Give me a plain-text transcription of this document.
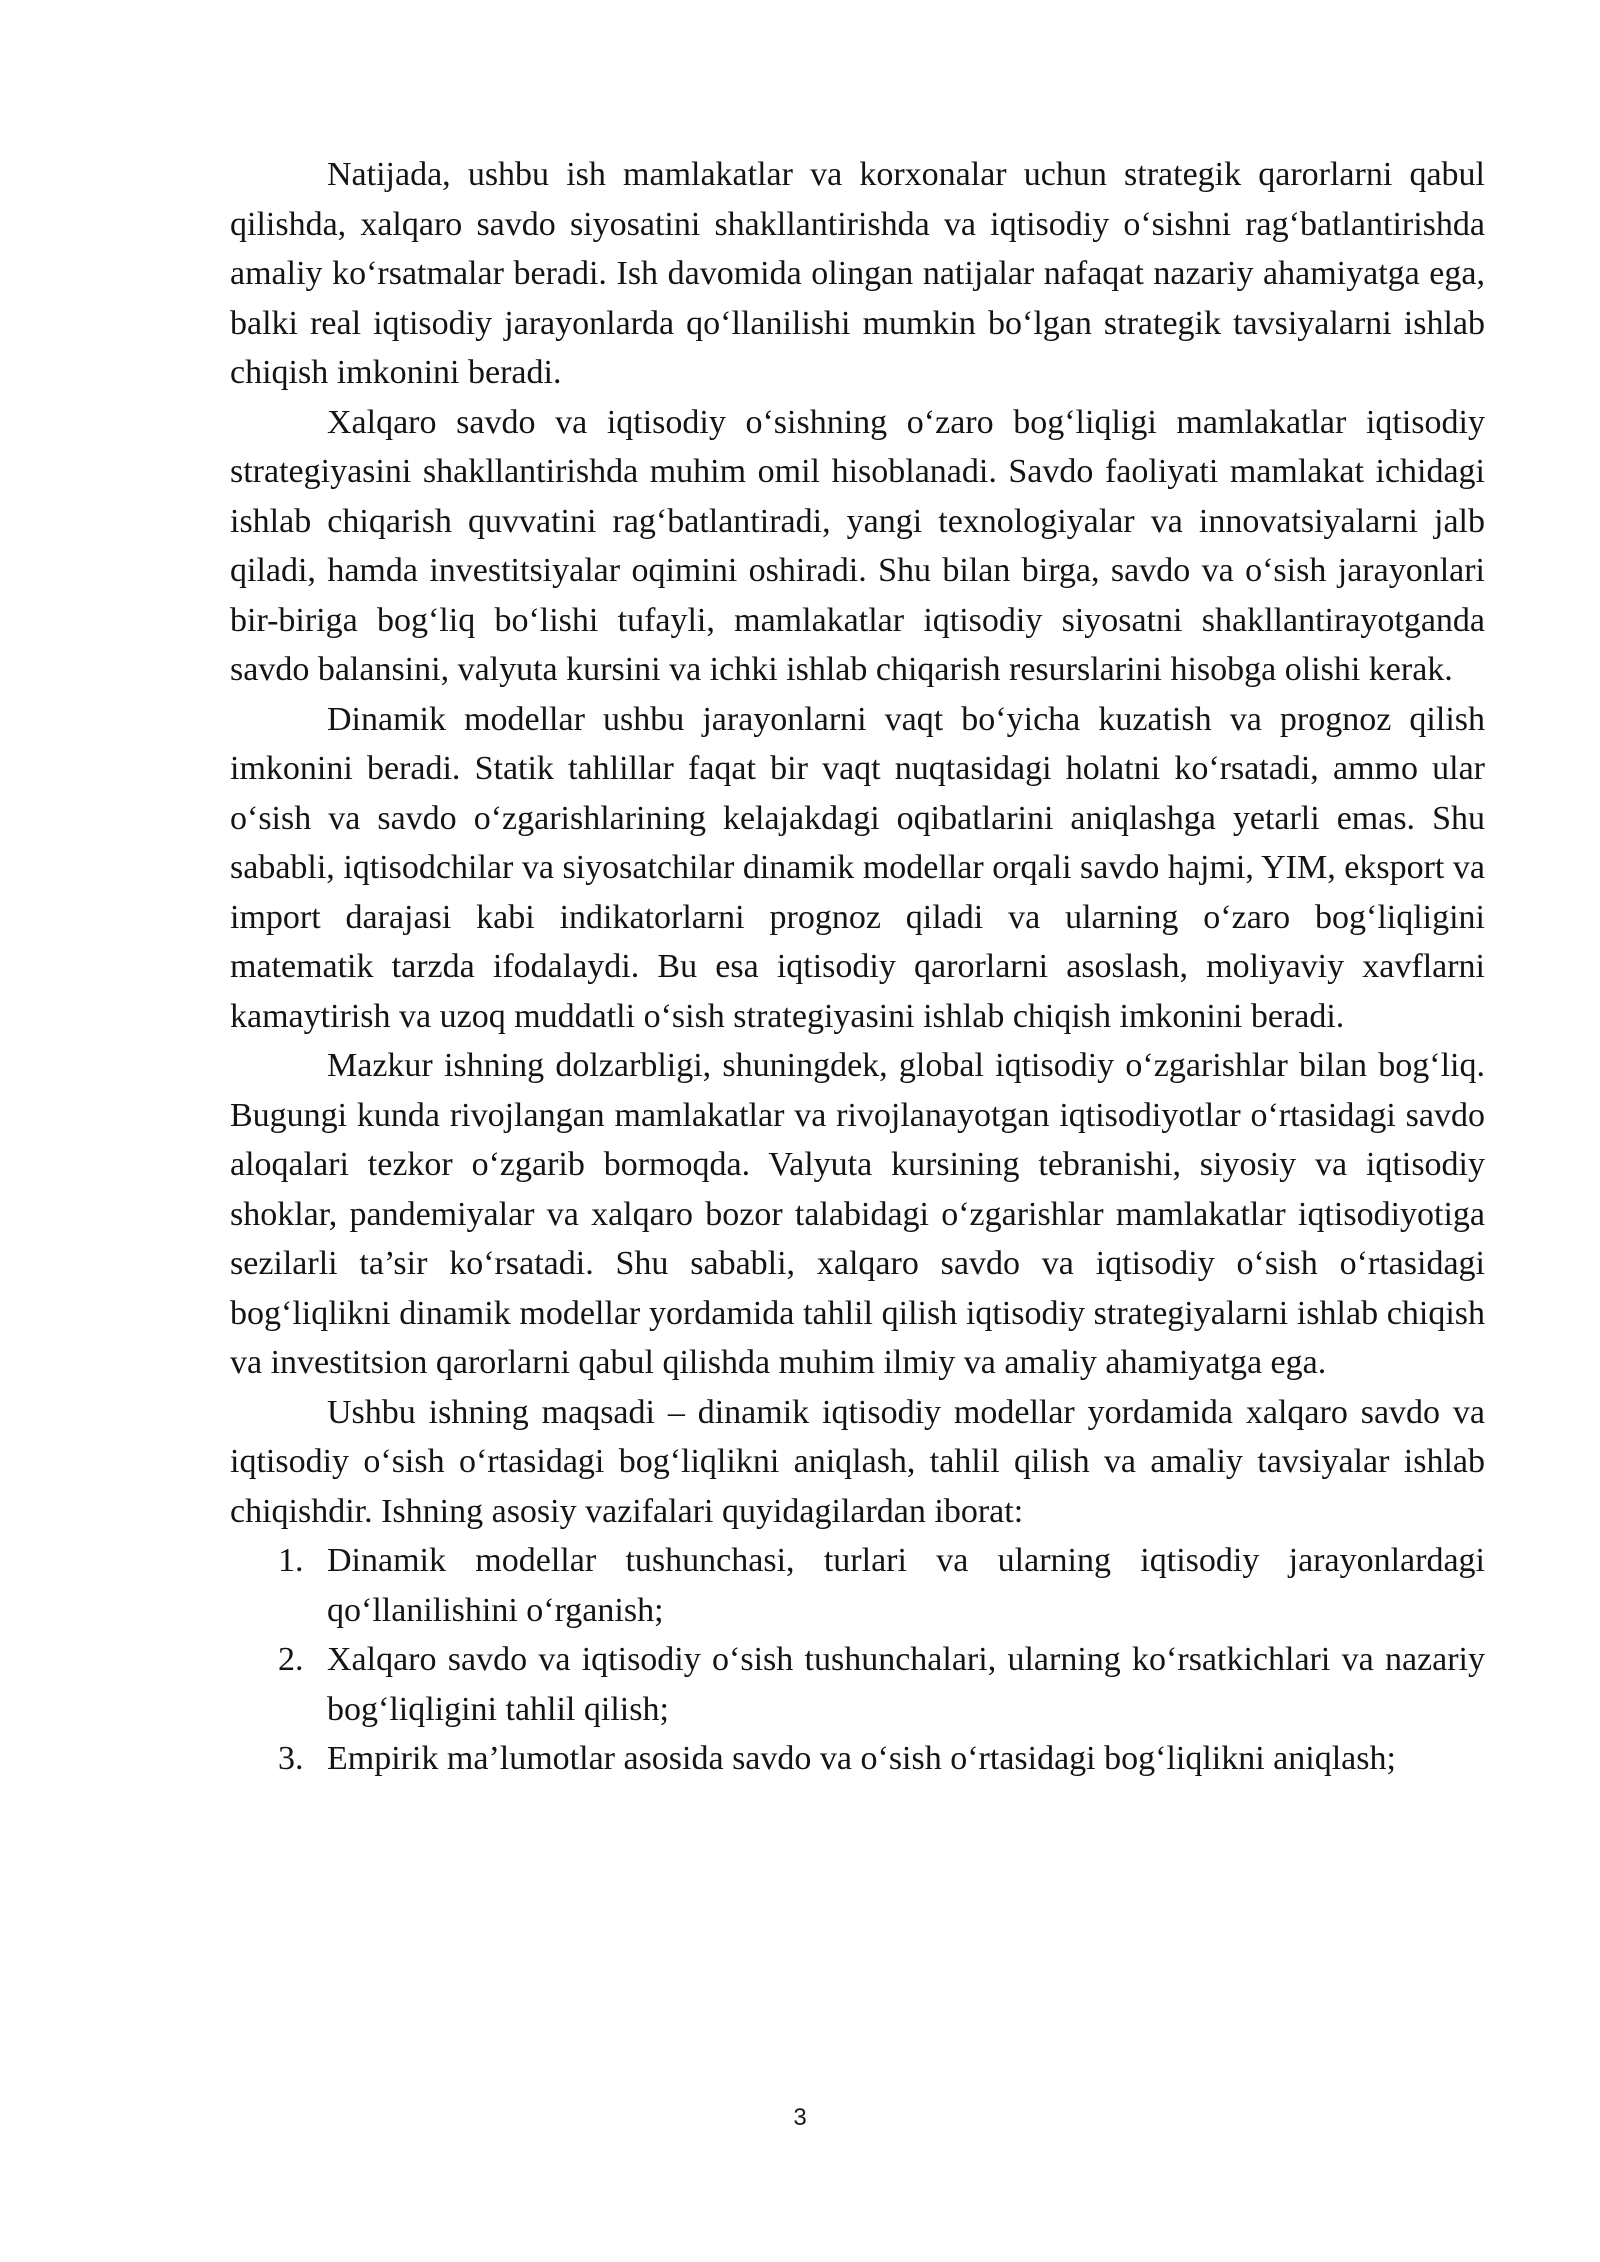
Natijada, ushbu ish mamlakatlar va korxonalar uchun strategik qarorlarni qabul qilishda, xalqaro savdo siyosatini shakllantirishda va iqtisodiy o‘sishni rag‘batlantirishda amaliy ko‘rsatmalar beradi. Ish davomida olingan natijalar nafaqat nazariy ahamiyatga ega, balki real iqtisodiy jarayonlarda qo‘llanilishi mumkin bo‘lgan strategik tavsiyalarni ishlab chiqish imkonini beradi.

Xalqaro savdo va iqtisodiy o‘sishning o‘zaro bog‘liqligi mamlakatlar iqtisodiy strategiyasini shakllantirishda muhim omil hisoblanadi. Savdo faoliyati mamlakat ichidagi ishlab chiqarish quvvatini rag‘batlantiradi, yangi texnologiyalar va innovatsiyalarni jalb qiladi, hamda investitsiyalar oqimini oshiradi. Shu bilan birga, savdo va o‘sish jarayonlari bir-biriga bog‘liq bo‘lishi tufayli, mamlakatlar iqtisodiy siyosatni shakllantirayotganda savdo balansini, valyuta kursini va ichki ishlab chiqarish resurslarini hisobga olishi kerak.

Dinamik modellar ushbu jarayonlarni vaqt bo‘yicha kuzatish va prognoz qilish imkonini beradi. Statik tahlillar faqat bir vaqt nuqtasidagi holatni ko‘rsatadi, ammo ular o‘sish va savdo o‘zgarishlarining kelajakdagi oqibatlarini aniqlashga yetarli emas. Shu sababli, iqtisodchilar va siyosatchilar dinamik modellar orqali savdo hajmi, YIM, eksport va import darajasi kabi indikatorlarni prognoz qiladi va ularning o‘zaro bog‘liqligini matematik tarzda ifodalaydi. Bu esa iqtisodiy qarorlarni asoslash, moliyaviy xavflarni kamaytirish va uzoq muddatli o‘sish strategiyasini ishlab chiqish imkonini beradi.

Mazkur ishning dolzarbligi, shuningdek, global iqtisodiy o‘zgarishlar bilan bog‘liq. Bugungi kunda rivojlangan mamlakatlar va rivojlanayotgan iqtisodiyotlar o‘rtasidagi savdo aloqalari tezkor o‘zgarib bormoqda. Valyuta kursining tebranishi, siyosiy va iqtisodiy shoklar, pandemiyalar va xalqaro bozor talabidagi o‘zgarishlar mamlakatlar iqtisodiyotiga sezilarli ta’sir ko‘rsatadi. Shu sababli, xalqaro savdo va iqtisodiy o‘sish o‘rtasidagi bog‘liqlikni dinamik modellar yordamida tahlil qilish iqtisodiy strategiyalarni ishlab chiqish va investitsion qarorlarni qabul qilishda muhim ilmiy va amaliy ahamiyatga ega.

Ushbu ishning maqsadi – dinamik iqtisodiy modellar yordamida xalqaro savdo va iqtisodiy o‘sish o‘rtasidagi bog‘liqlikni aniqlash, tahlil qilish va amaliy tavsiyalar ishlab chiqishdir. Ishning asosiy vazifalari quyidagilardan iborat:

1. Dinamik modellar tushunchasi, turlari va ularning iqtisodiy jarayonlardagi qo‘llanilishini o‘rganish;
2. Xalqaro savdo va iqtisodiy o‘sish tushunchalari, ularning ko‘rsatkichlari va nazariy bog‘liqligini tahlil qilish;
3. Empirik ma’lumotlar asosida savdo va o‘sish o‘rtasidagi bog‘liqlikni aniqlash;
3
